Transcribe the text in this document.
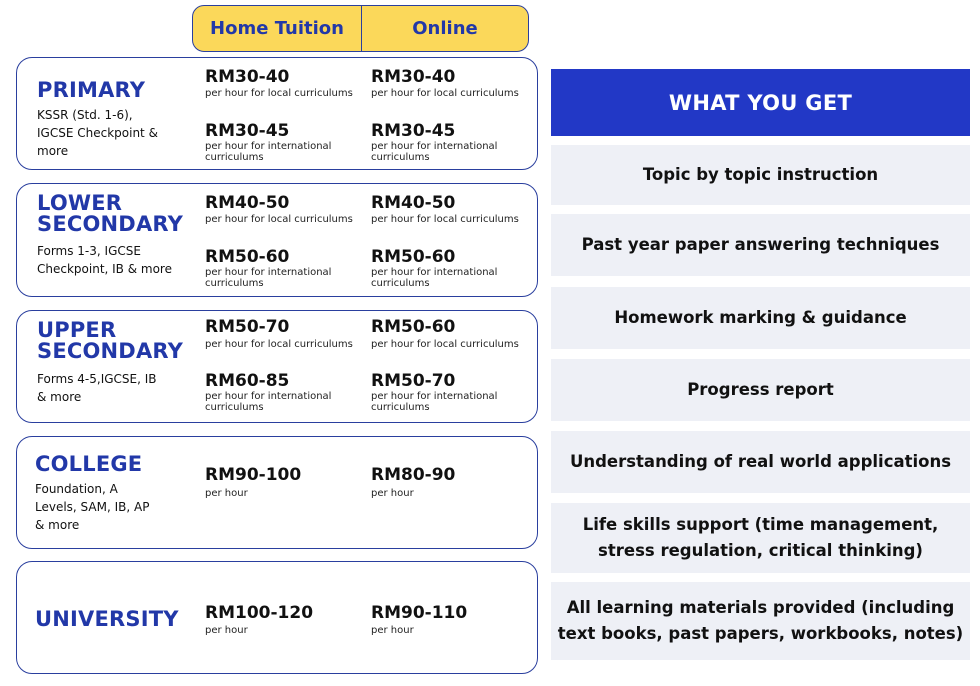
Home Tuition	Online
PRIMARY
KSSR (Std. 1-6), IGCSE Checkpoint & more
RM30-40
per hour for local curriculums
RM30-45
per hour for international curriculums
RM30-40
per hour for local curriculums
RM30-45
per hour for international curriculums
LOWER SECONDARY
Forms 1-3, IGCSE Checkpoint, IB & more
RM40-50
per hour for local curriculums
RM50-60
per hour for international curriculums
RM40-50
per hour for local curriculums
RM50-60
per hour for international curriculums
UPPER SECONDARY
Forms 4-5,IGCSE, IB & more
RM50-70
per hour for local curriculums
RM60-85
per hour for international curriculums
RM50-60
per hour for local curriculums
RM50-70
per hour for international curriculums
COLLEGE
Foundation, A Levels, SAM, IB, AP & more
RM90-100
per hour
RM80-90
per hour
UNIVERSITY RM100-120
per hour
RM90-110
per hour
WHAT YOU GET
Topic by topic instruction
Past year paper answering techniques
Homework marking & guidance
Progress report
Understanding of real world applications
Life skills support (time management, stress regulation, critical thinking)
All learning materials provided (including text books, past papers, workbooks, notes)
